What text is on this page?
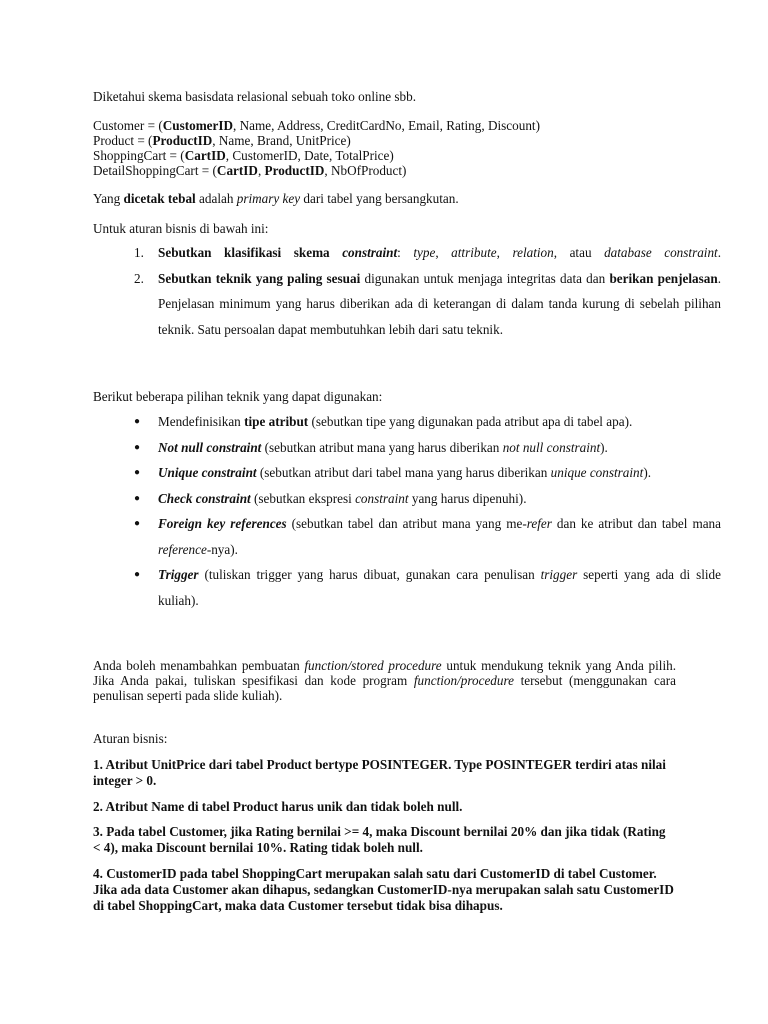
Diketahui skema basisdata relasional sebuah toko online sbb.

Customer = (CustomerID, Name, Address, CreditCardNo, Email, Rating, Discount)
Product = (ProductID, Name, Brand, UnitPrice)
ShoppingCart = (CartID, CustomerID, Date, TotalPrice)
DetailShoppingCart = (CartID, ProductID, NbOfProduct)

Yang dicetak tebal adalah primary key dari tabel yang bersangkutan.

Untuk aturan bisnis di bawah ini:

1. Sebutkan klasifikasi skema constraint: type, attribute, relation, atau database constraint.
2. Sebutkan teknik yang paling sesuai digunakan untuk menjaga integritas data dan berikan penjelasan. Penjelasan minimum yang harus diberikan ada di keterangan di dalam tanda kurung di sebelah pilihan teknik. Satu persoalan dapat membutuhkan lebih dari satu teknik.

Berikut beberapa pilihan teknik yang dapat digunakan:

● Mendefinisikan tipe atribut (sebutkan tipe yang digunakan pada atribut apa di tabel apa).
● Not null constraint (sebutkan atribut mana yang harus diberikan not null constraint).
● Unique constraint (sebutkan atribut dari tabel mana yang harus diberikan unique constraint).
● Check constraint (sebutkan ekspresi constraint yang harus dipenuhi).
● Foreign key references (sebutkan tabel dan atribut mana yang me-refer dan ke atribut dan tabel mana reference-nya).
● Trigger (tuliskan trigger yang harus dibuat, gunakan cara penulisan trigger seperti yang ada di slide kuliah).

Anda boleh menambahkan pembuatan function/stored procedure untuk mendukung teknik yang Anda pilih. Jika Anda pakai, tuliskan spesifikasi dan kode program function/procedure tersebut (menggunakan cara penulisan seperti pada slide kuliah).

Aturan bisnis:

1. Atribut UnitPrice dari tabel Product bertype POSINTEGER. Type POSINTEGER terdiri atas nilai integer > 0.

2. Atribut Name di tabel Product harus unik dan tidak boleh null.

3. Pada tabel Customer, jika Rating bernilai >= 4, maka Discount bernilai 20% dan jika tidak (Rating < 4), maka Discount bernilai 10%. Rating tidak boleh null.

4. CustomerID pada tabel ShoppingCart merupakan salah satu dari CustomerID di tabel Customer. Jika ada data Customer akan dihapus, sedangkan CustomerID-nya merupakan salah satu CustomerID di tabel ShoppingCart, maka data Customer tersebut tidak bisa dihapus.
